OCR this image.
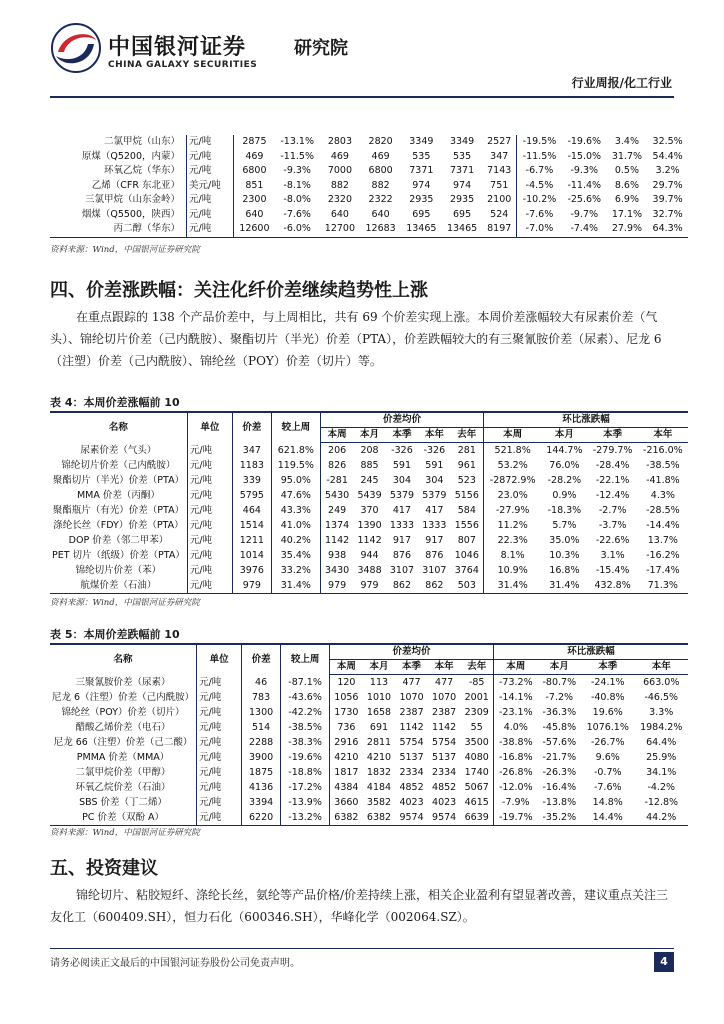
中国银河证券
CHINA GALAXY SECURITIES
研究院
行业周报/化工行业
二氯甲烷（山东）	元/吨	2875	-13.1%	2803	2820	3349	3349	2527	-19.5%	-19.6%	3.4%	32.5%
原煤（Q5200，内蒙）	元/吨	469	-11.5%	469	469	535	535	347	-11.5%	-15.0%	31.7%	54.4%
环氧乙烷（华东）	元/吨	6800	-9.3%	7000	6800	7371	7371	7143	-6.7%	-9.3%	0.5%	3.2%
乙烯（CFR 东北亚）	美元/吨	851	-8.1%	882	882	974	974	751	-4.5%	-11.4%	8.6%	29.7%
三氯甲烷（山东金岭）	元/吨	2300	-8.0%	2320	2322	2935	2935	2100	-10.2%	-25.6%	6.9%	39.7%
烟煤（Q5500，陕西）	元/吨	640	-7.6%	640	640	695	695	524	-7.6%	-9.7%	17.1%	32.7%
丙二醇（华东）	元/吨	12600	-6.0%	12700	12683	13465	13465	8197	-7.0%	-7.4%	27.9%	64.3%
资料来源：Wind，中国银河证券研究院
四、价差涨跌幅：关注化纤价差继续趋势性上涨
在重点跟踪的 138 个产品价差中，与上周相比，共有 69 个价差实现上涨。本周价差涨幅较大有尿素价差（气头）、锦纶切片价差（己内酰胺）、聚酯切片（半光）价差（PTA），价差跌幅较大的有三聚氰胺价差（尿素）、尼龙 6（注塑）价差（己内酰胺）、锦纶丝（POY）价差（切片）等。
表 4：本周价差涨幅前 10
名称	单位	价差	较上周	价差均价					环比涨跌幅			
				本周	本月	本季	本年	去年	本周	本月	本季	本年
尿素价差（气头）	元/吨	347	621.8%	206	208	-326	-326	281	521.8%	144.7%	-279.7%	-216.0%
锦纶切片价差（己内酰胺）	元/吨	1183	119.5%	826	885	591	591	961	53.2%	76.0%	-28.4%	-38.5%
聚酯切片（半光）价差（PTA）	元/吨	339	95.0%	-281	245	304	304	523	-2872.9%	-28.2%	-22.1%	-41.8%
MMA 价差（丙酮）	元/吨	5795	47.6%	5430	5439	5379	5379	5156	23.0%	0.9%	-12.4%	4.3%
聚酯瓶片（有光）价差（PTA）	元/吨	464	43.3%	249	370	417	417	584	-27.9%	-18.3%	-2.7%	-28.5%
涤纶长丝（FDY）价差（PTA）	元/吨	1514	41.0%	1374	1390	1333	1333	1556	11.2%	5.7%	-3.7%	-14.4%
DOP 价差（邻二甲苯）	元/吨	1211	40.2%	1142	1142	917	917	807	22.3%	35.0%	-22.6%	13.7%
PET 切片（纸级）价差（PTA）	元/吨	1014	35.4%	938	944	876	876	1046	8.1%	10.3%	3.1%	-16.2%
锦纶切片价差（苯）	元/吨	3976	33.2%	3430	3488	3107	3107	3764	10.9%	16.8%	-15.4%	-17.4%
航煤价差（石油）	元/吨	979	31.4%	979	979	862	862	503	31.4%	31.4%	432.8%	71.3%
资料来源：Wind，中国银河证券研究院
表 5：本周价差跌幅前 10
名称	单位	价差	较上周	价差均价					环比涨跌幅			
				本周	本月	本季	本年	去年	本周	本月	本季	本年
三聚氰胺价差（尿素）	元/吨	46	-87.1%	120	113	477	477	-85	-73.2%	-80.7%	-24.1%	663.0%
尼龙 6（注塑）价差（己内酰胺）	元/吨	783	-43.6%	1056	1010	1070	1070	2001	-14.1%	-7.2%	-40.8%	-46.5%
锦纶丝（POY）价差（切片）	元/吨	1300	-42.2%	1730	1658	2387	2387	2309	-23.1%	-36.3%	19.6%	3.3%
醋酸乙烯价差（电石）	元/吨	514	-38.5%	736	691	1142	1142	55	4.0%	-45.8%	1076.1%	1984.2%
尼龙 66（注塑）价差（己二酸）	元/吨	2288	-38.3%	2916	2811	5754	5754	3500	-38.8%	-57.6%	-26.7%	64.4%
PMMA 价差（MMA）	元/吨	3900	-19.6%	4210	4210	5137	5137	4080	-16.8%	-21.7%	9.6%	25.9%
二氯甲烷价差（甲醇）	元/吨	1875	-18.8%	1817	1832	2334	2334	1740	-26.8%	-26.3%	-0.7%	34.1%
环氧乙烷价差（石油）	元/吨	4136	-17.2%	4384	4184	4852	4852	5067	-12.0%	-16.4%	-7.6%	-4.2%
SBS 价差（丁二烯）	元/吨	3394	-13.9%	3660	3582	4023	4023	4615	-7.9%	-13.8%	14.8%	-12.8%
PC 价差（双酚 A）	元/吨	6220	-13.2%	6382	6382	9574	9574	6639	-19.7%	-35.2%	14.4%	44.2%
资料来源：Wind，中国银河证券研究院
五、投资建议
锦纶切片、粘胶短纤、涤纶长丝，氨纶等产品价格/价差持续上涨，相关企业盈利有望显著改善，建议重点关注三友化工（600409.SH），恒力石化（600346.SH），华峰化学（002064.SZ）。
请务必阅读正文最后的中国银河证券股份公司免责声明。	4
